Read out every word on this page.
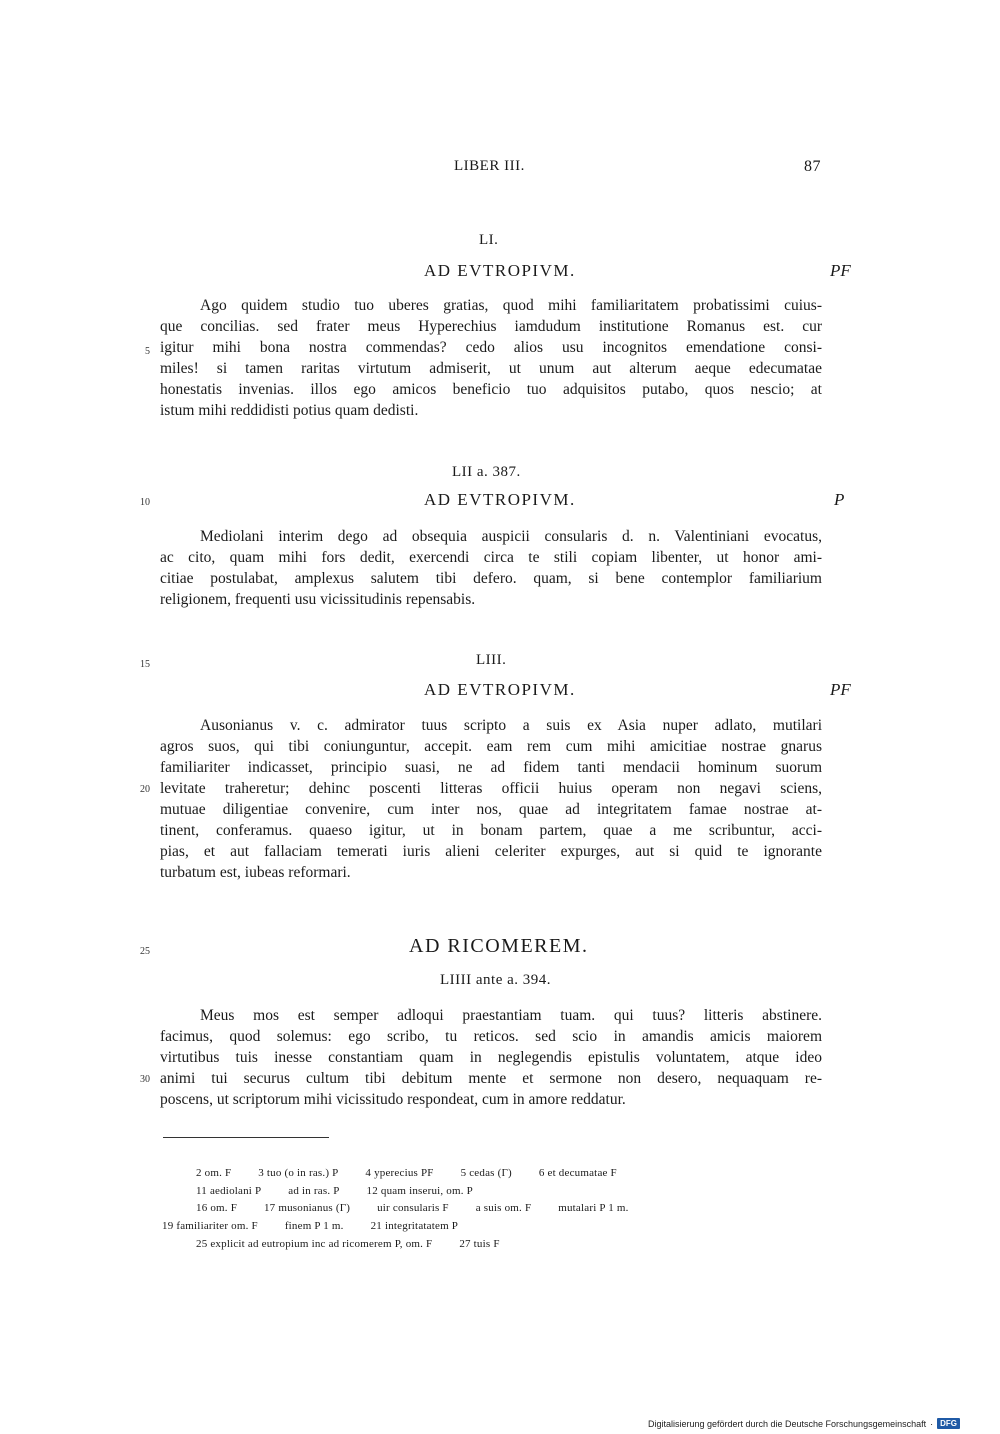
LIBER III.	87
LI.
AD EVTROPIVM.	PF
Ago quidem studio tuo uberes gratias, quod mihi familiaritatem probatissimi cuius-
que concilias. sed frater meus Hyperechius iamdudum institutione Romanus est. cur
igitur mihi bona nostra commendas? cedo alios usu incognitos emendatione consi-
miles! si tamen raritas virtutum admiserit, ut unum aut alterum aeque edecumatae
honestatis invenias. illos ego amicos beneficio tuo adquisitos putabo, quos nescio; at
istum mihi reddidisti potius quam dedisti.
LII a. 387.
AD EVTROPIVM.	P
Mediolani interim dego ad obsequia auspicii consularis d. n. Valentiniani evocatus,
ac cito, quam mihi fors dedit, exercendi circa te stili copiam libenter, ut honor ami-
citiae postulabat, amplexus salutem tibi defero. quam, si bene contemplor familiarium
religionem, frequenti usu vicissitudinis repensabis.
LIII.
AD EVTROPIVM.	PF
Ausonianus v. c. admirator tuus scripto a suis ex Asia nuper adlato, mutilari
agros suos, qui tibi coniunguntur, accepit. eam rem cum mihi amicitiae nostrae gnarus
familiariter indicasset, principio suasi, ne ad fidem tanti mendacii hominum suorum
levitate traheretur; dehinc poscenti litteras officii huius operam non negavi sciens,
mutuae diligentiae convenire, cum inter nos, quae ad integritatem famae nostrae at-
tinent, conferamus. quaeso igitur, ut in bonam partem, quae a me scribuntur, acci-
pias, et aut fallaciam temerati iuris alieni celeriter expurges, aut si quid te ignorante
turbatum est, iubeas reformari.
AD RICOMEREM.
LIIII ante a. 394.
Meus mos est semper adloqui praestantiam tuam. qui tuus? litteris abstinere.
facimus, quod solemus: ego scribo, tu reticos. sed scio in amandis amicis maiorem
virtutibus tuis inesse constantiam quam in neglegendis epistulis voluntatem, atque ideo
animi tui securus cultum tibi debitum mente et sermone non desero, nequaquam re-
poscens, ut scriptorum mihi vicissitudo respondeat, cum in amore reddatur.
5
10
15
20
25
30
2 om. F 3 tuo (o in ras.) P 4 yperecius PF 5 cedas (Γ) 6 et decumatae F
11 aediolani P ad in ras. P 12 quam inserui, om. P
16 om. F 17 musonianus (Γ) uir consularis F a suis om. F mutalari P 1 m.
19 familiariter om. F finem P 1 m. 21 integritatatem P
25 explicit ad eutropium inc ad ricomerem P, om. F 27 tuis F
Digitalisierung gefördert durch die Deutsche Forschungsgemeinschaft · DFG
